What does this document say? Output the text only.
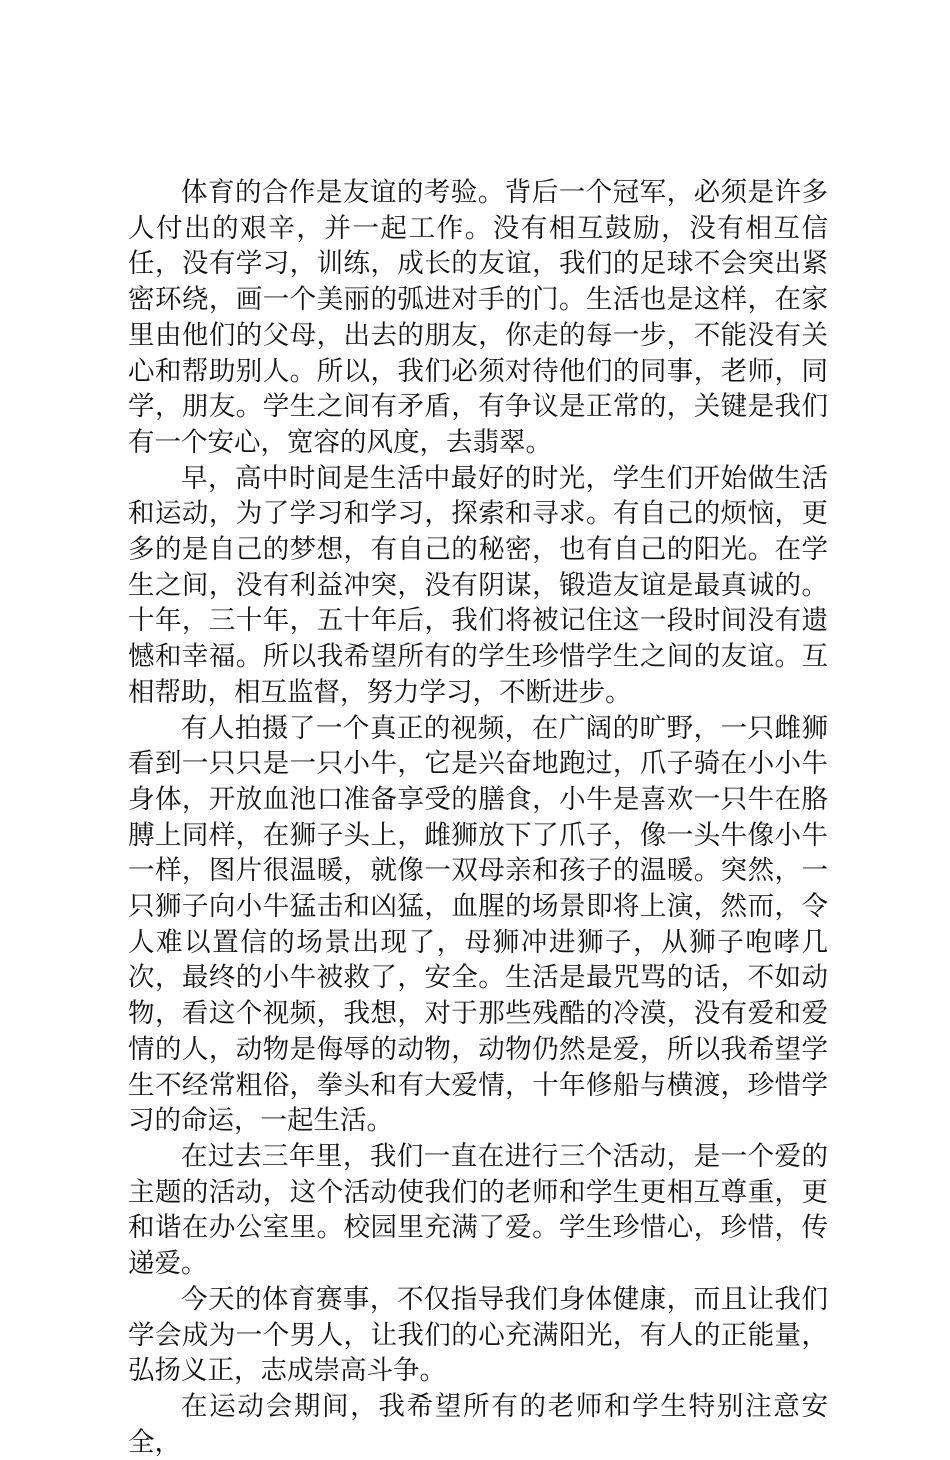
体育的合作是友谊的考验。背后一个冠军，必须是许多人付出的艰辛，并一起工作。没有相互鼓励，没有相互信任，没有学习，训练，成长的友谊，我们的足球不会突出紧密环绕，画一个美丽的弧进对手的门。生活也是这样，在家里由他们的父母，出去的朋友，你走的每一步，不能没有关心和帮助别人。所以，我们必须对待他们的同事，老师，同学，朋友。学生之间有矛盾，有争议是正常的，关键是我们有一个安心，宽容的风度，去翡翠。

早，高中时间是生活中最好的时光，学生们开始做生活和运动，为了学习和学习，探索和寻求。有自己的烦恼，更多的是自己的梦想，有自己的秘密，也有自己的阳光。在学生之间，没有利益冲突，没有阴谋，锻造友谊是最真诚的。十年，三十年，五十年后，我们将被记住这一段时间没有遗憾和幸福。所以我希望所有的学生珍惜学生之间的友谊。互相帮助，相互监督，努力学习，不断进步。

有人拍摄了一个真正的视频，在广阔的旷野，一只雌狮看到一只只是一只小牛，它是兴奋地跑过，爪子骑在小小牛身体，开放血池口准备享受的膳食，小牛是喜欢一只牛在胳膊上同样，在狮子头上，雌狮放下了爪子，像一头牛像小牛一样，图片很温暖，就像一双母亲和孩子的温暖。突然，一只狮子向小牛猛击和凶猛，血腥的场景即将上演，然而，令人难以置信的场景出现了，母狮冲进狮子，从狮子咆哮几次，最终的小牛被救了，安全。生活是最咒骂的话，不如动物，看这个视频，我想，对于那些残酷的冷漠，没有爱和爱情的人，动物是侮辱的动物，动物仍然是爱，所以我希望学生不经常粗俗，拳头和有大爱情，十年修船与横渡，珍惜学习的命运，一起生活。

在过去三年里，我们一直在进行三个活动，是一个爱的主题的活动，这个活动使我们的老师和学生更相互尊重，更和谐在办公室里。校园里充满了爱。学生珍惜心，珍惜，传递爱。

今天的体育赛事，不仅指导我们身体健康，而且让我们学会成为一个男人，让我们的心充满阳光，有人的正能量，弘扬义正，志成崇高斗争。

在运动会期间，我希望所有的老师和学生特别注意安全，
